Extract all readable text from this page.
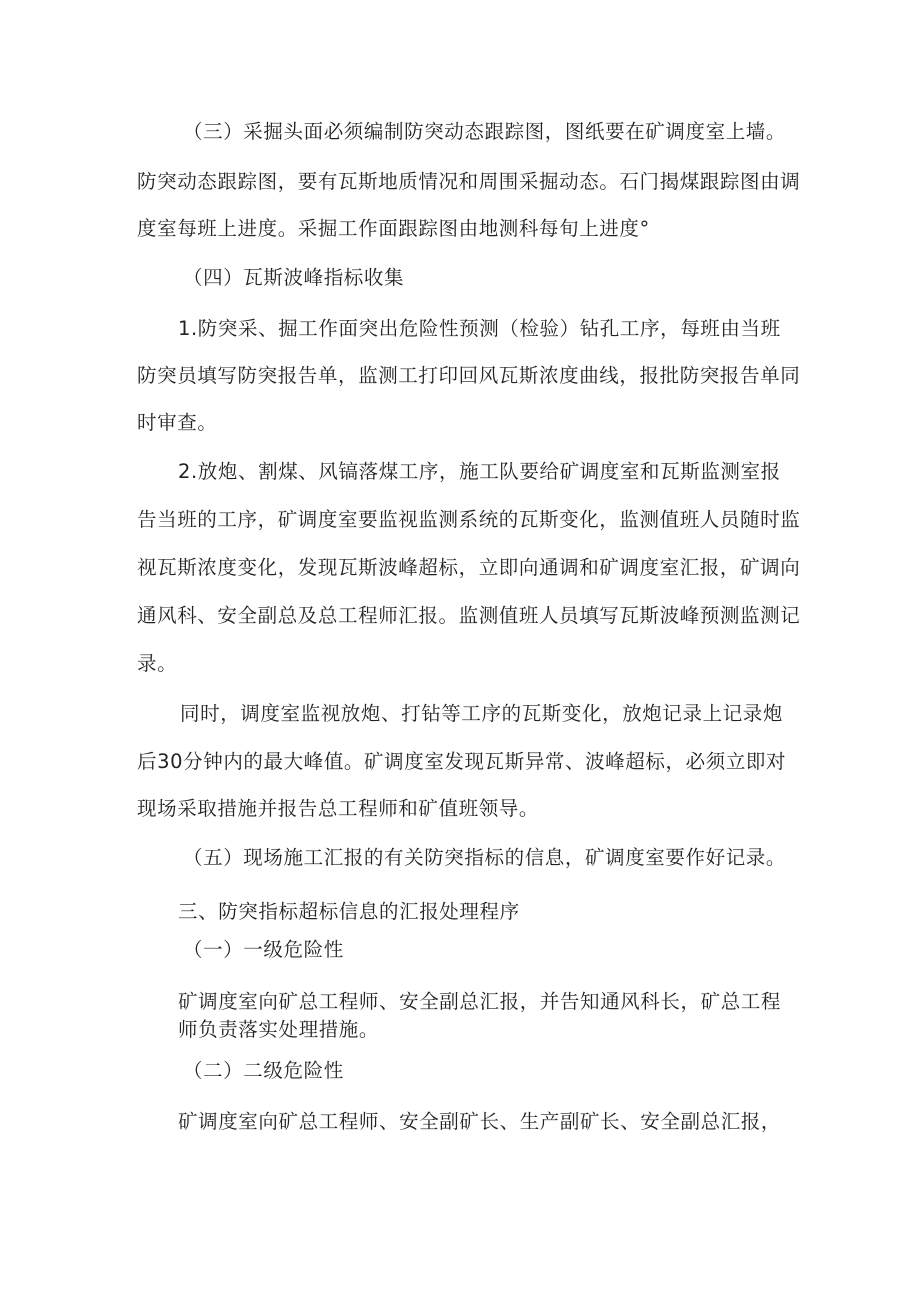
（三）采掘头面必须编制防突动态跟踪图，图纸要在矿调度室上墙。
防突动态跟踪图，要有瓦斯地质情况和周围采掘动态。石门揭煤跟踪图由调
度室每班上进度。采掘工作面跟踪图由地测科每旬上进度°
（四）瓦斯波峰指标收集
1.防突采、掘工作面突出危险性预测（检验）钻孔工序，每班由当班
防突员填写防突报告单，监测工打印回风瓦斯浓度曲线，报批防突报告单同
时审查。
2.放炮、割煤、风镐落煤工序，施工队要给矿调度室和瓦斯监测室报
告当班的工序，矿调度室要监视监测系统的瓦斯变化，监测值班人员随时监
视瓦斯浓度变化，发现瓦斯波峰超标，立即向通调和矿调度室汇报，矿调向
通风科、安全副总及总工程师汇报。监测值班人员填写瓦斯波峰预测监测记
录。
同时，调度室监视放炮、打钻等工序的瓦斯变化，放炮记录上记录炮
后30分钟内的最大峰值。矿调度室发现瓦斯异常、波峰超标，必须立即对
现场采取措施并报告总工程师和矿值班领导。
（五）现场施工汇报的有关防突指标的信息，矿调度室要作好记录。
三、防突指标超标信息的汇报处理程序
（一）一级危险性
矿调度室向矿总工程师、安全副总汇报，并告知通风科长，矿总工程
师负责落实处理措施。
（二）二级危险性
矿调度室向矿总工程师、安全副矿长、生产副矿长、安全副总汇报，
